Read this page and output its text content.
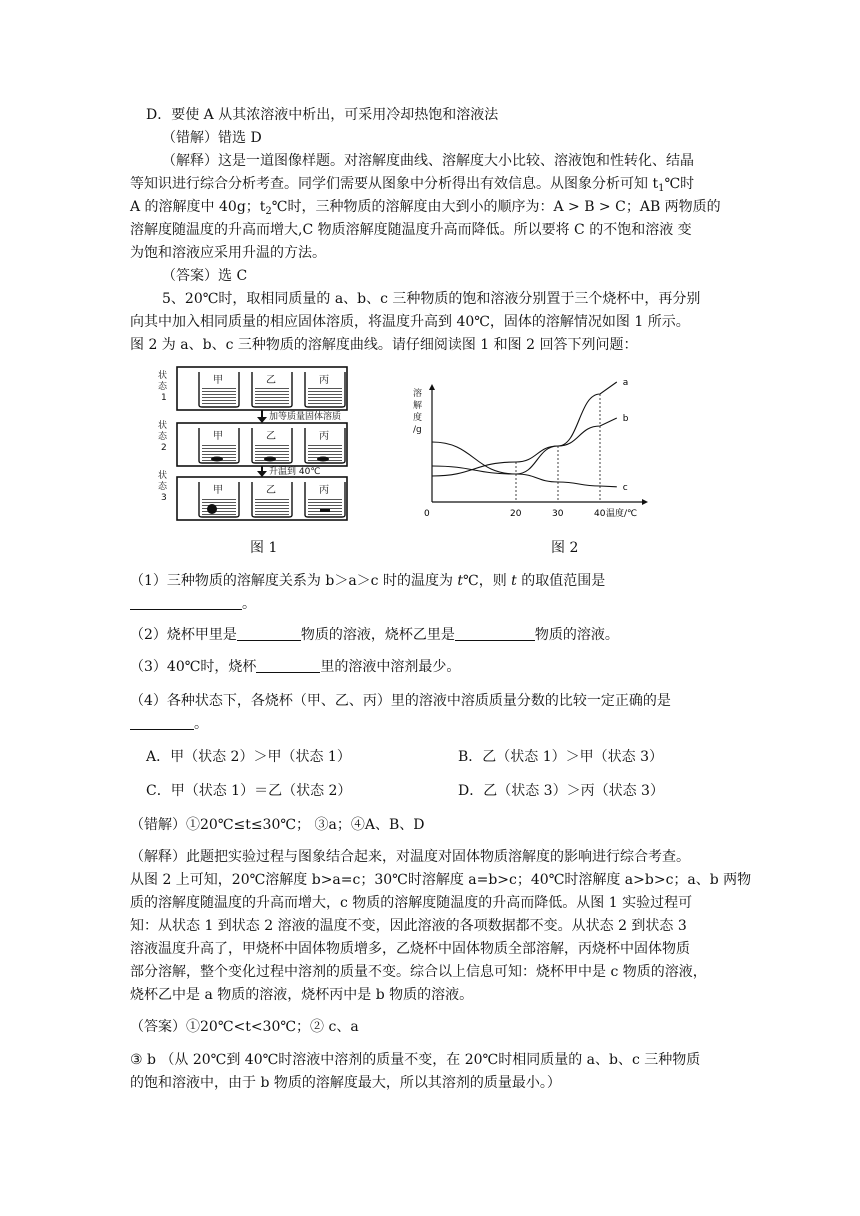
D．要使 A 从其浓溶液中析出，可采用冷却热饱和溶液法
（错解）错选 D
（解释）这是一道图像样题。对溶解度曲线、溶解度大小比较、溶液饱和性转化、结晶
等知识进行综合分析考查。同学们需要从图象中分析得出有效信息。从图象分析可知 $t_1℃$时
A 的溶解度中 40g；$t_2℃$时，三种物质的溶解度由大到小的顺序为：A > B > C；AB 两物质的
溶解度随温度的升高而增大,C 物质溶解度随温度升高而降低。所以要将 C 的不饱和溶液 变
为饱和溶液应采用升温的方法。
（答案）选 C
5、20℃时，取相同质量的 a、b、c 三种物质的饱和溶液分别置于三个烧杯中，再分别
向其中加入相同质量的相应固体溶质，将温度升高到 40℃，固体的溶解情况如图 1 所示。
图 2 为 a、b、c 三种物质的溶解度曲线。请仔细阅读图 1 和图 2 回答下列问题：
状
态
1
状
态
2
状
态
3
加等质量固体溶质
升温到 40℃
甲	乙	丙
甲	乙	丙
甲	乙	丙
图 1
溶
解
度
/g
20	30	40
a
b
c
0	温度/℃
图 2
（1）三种物质的溶解度关系为 b＞a＞c 时的温度为 t℃，则 t 的取值范围是
。
（2）烧杯甲里是	物质的溶液，烧杯乙里是	物质的溶液。
（3）40℃时，烧杯	里的溶液中溶剂最少。
（4）各种状态下，各烧杯（甲、乙、丙）里的溶液中溶质质量分数的比较一定正确的是
。
A．甲（状态 2）＞甲（状态 1）	B．乙（状态 1）＞甲（状态 3）
C．甲（状态 1）＝乙（状态 2）	D．乙（状态 3）＞丙（状态 3）
（错解）①20℃≤t≤30℃； ③a；④A、B、D
（解释）此题把实验过程与图象结合起来，对温度对固体物质溶解度的影响进行综合考查。
从图 2 上可知，20℃溶解度 b>a=c；30℃时溶解度 a=b>c；40℃时溶解度 a>b>c；a、b 两物
质的溶解度随温度的升高而增大，c 物质的溶解度随温度的升高而降低。从图 1 实验过程可
知：从状态 1 到状态 2 溶液的温度不变，因此溶液的各项数据都不变。从状态 2 到状态 3
溶液温度升高了，甲烧杯中固体物质增多，乙烧杯中固体物质全部溶解，丙烧杯中固体物质
部分溶解，整个变化过程中溶剂的质量不变。综合以上信息可知：烧杯甲中是 c 物质的溶液，
烧杯乙中是 a 物质的溶液，烧杯丙中是 b 物质的溶液。
（答案）①20℃<t<30℃；② c、a
③ b （从 20℃到 40℃时溶液中溶剂的质量不变，在 20℃时相同质量的 a、b、c 三种物质
的饱和溶液中，由于 b 物质的溶解度最大，所以其溶剂的质量最小。）
